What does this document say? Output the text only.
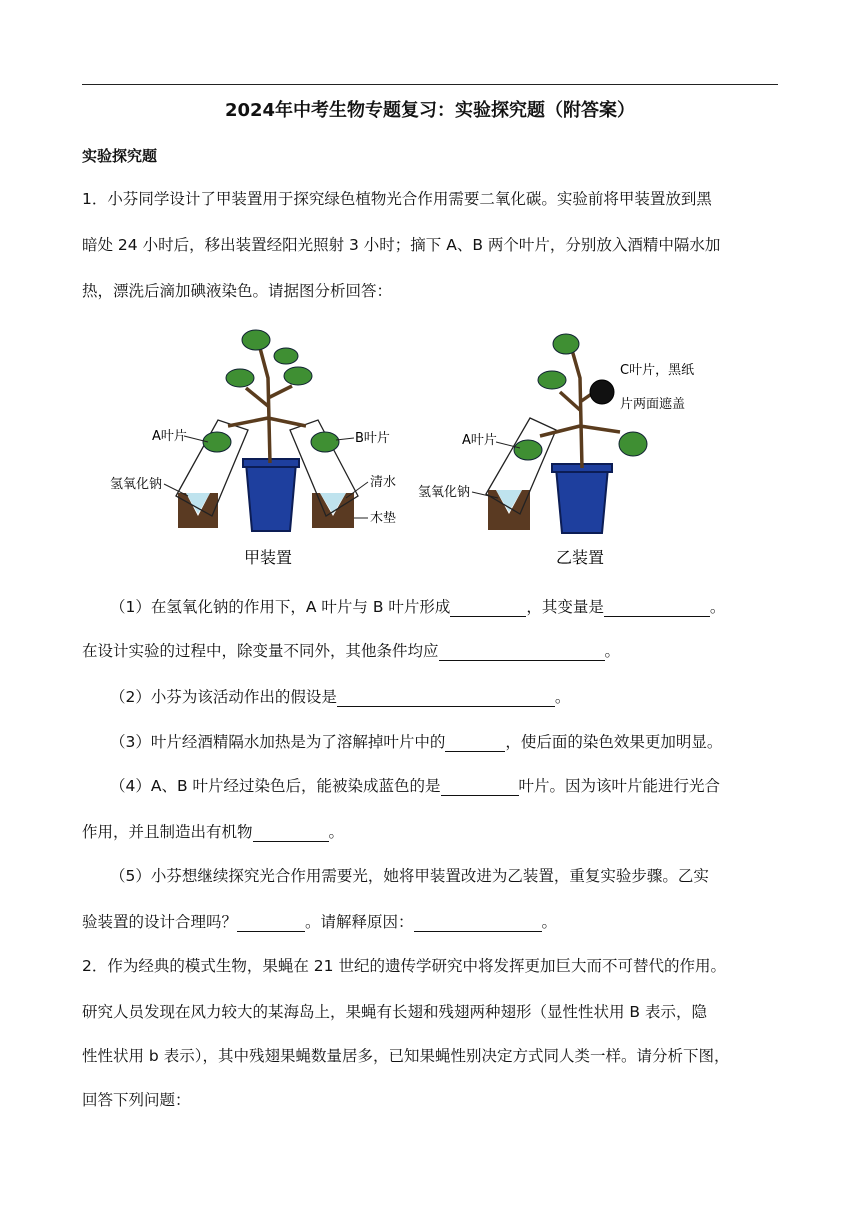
2024年中考生物专题复习：实验探究题（附答案）
实验探究题
1．小芬同学设计了甲装置用于探究绿色植物光合作用需要二氧化碳。实验前将甲装置放到黑
暗处 24 小时后，移出装置经阳光照射 3 小时；摘下 A、B 两个叶片，分别放入酒精中隔水加
热，漂洗后滴加碘液染色。请据图分析回答：
A叶片	B叶片
氢氧化钠	清水
木垫
甲装置
A叶片
氢氧化钠
C叶片，黑纸
片两面遮盖
乙装置
（1）在氢氧化钠的作用下，A 叶片与 B 叶片形成	，其变量是	。
在设计实验的过程中，除变量不同外，其他条件均应	。
（2）小芬为该活动作出的假设是	。
（3）叶片经酒精隔水加热是为了溶解掉叶片中的	，使后面的染色效果更加明显。
（4）A、B 叶片经过染色后，能被染成蓝色的是	叶片。因为该叶片能进行光合
作用，并且制造出有机物	。
（5）小芬想继续探究光合作用需要光，她将甲装置改进为乙装置，重复实验步骤。乙实
验装置的设计合理吗？	。请解释原因：	。
2．作为经典的模式生物，果蝇在 21 世纪的遗传学研究中将发挥更加巨大而不可替代的作用。
研究人员发现在风力较大的某海岛上，果蝇有长翅和残翅两种翅形（显性性状用 B 表示，隐
性性状用 b 表示），其中残翅果蝇数量居多，已知果蝇性别决定方式同人类一样。请分析下图，
回答下列问题：
